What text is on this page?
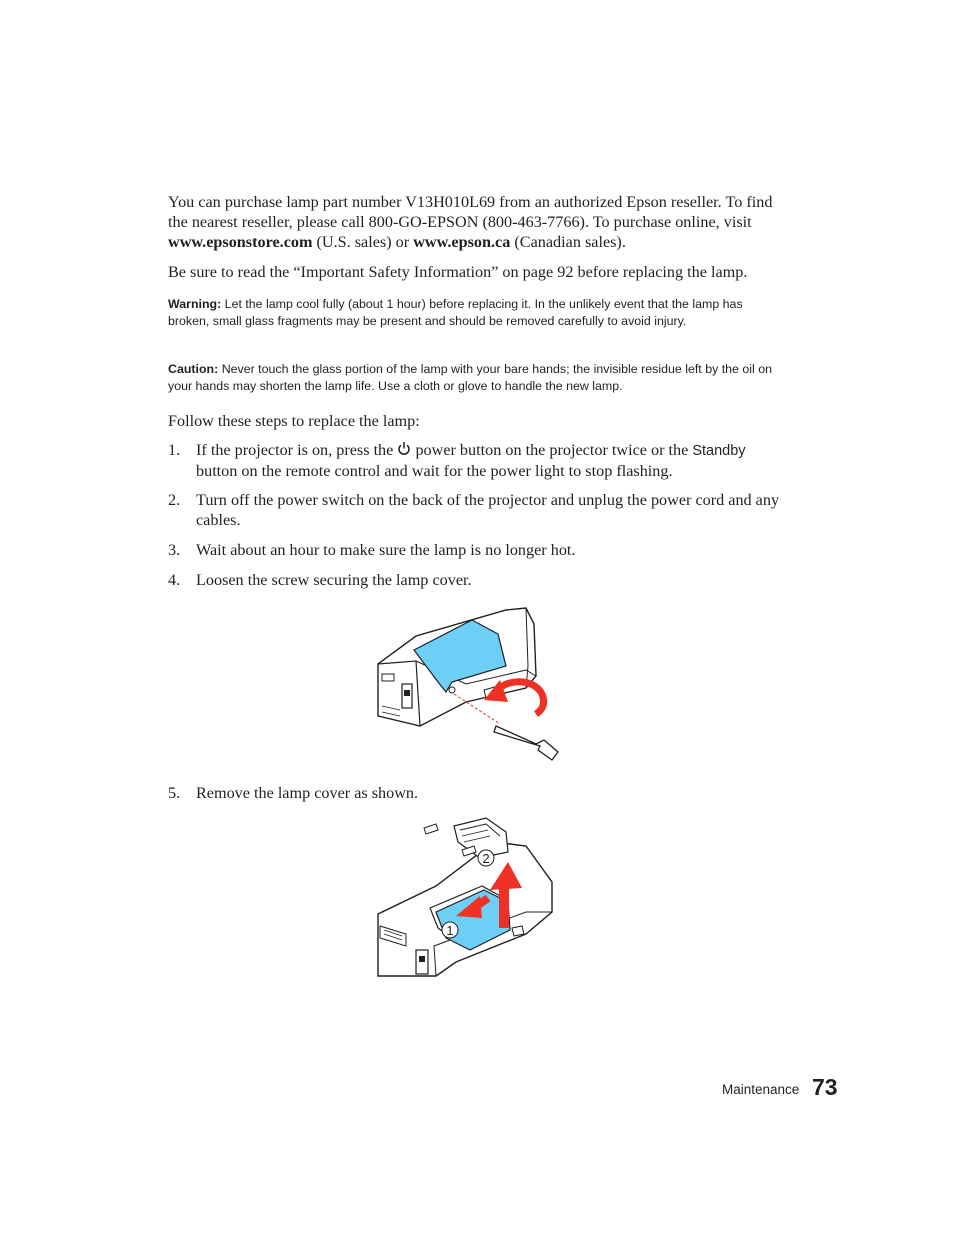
You can purchase lamp part number V13H010L69 from an authorized Epson reseller. To find the nearest reseller, please call 800-GO-EPSON (800-463-7766). To purchase online, visit www.epsonstore.com (U.S. sales) or www.epson.ca (Canadian sales).

Be sure to read the “Important Safety Information” on page 92 before replacing the lamp.

Warning: Let the lamp cool fully (about 1 hour) before replacing it. In the unlikely event that the lamp has broken, small glass fragments may be present and should be removed carefully to avoid injury.

Caution: Never touch the glass portion of the lamp with your bare hands; the invisible residue left by the oil on your hands may shorten the lamp life. Use a cloth or glove to handle the new lamp.

Follow these steps to replace the lamp:

1. If the projector is on, press the  power button on the projector twice or the Standby button on the remote control and wait for the power light to stop flashing.
2. Turn off the power switch on the back of the projector and unplug the power cord and any cables.
3. Wait about an hour to make sure the lamp is no longer hot.
4. Loosen the screw securing the lamp cover.
5. Remove the lamp cover as shown.
1
2
Maintenance 73
